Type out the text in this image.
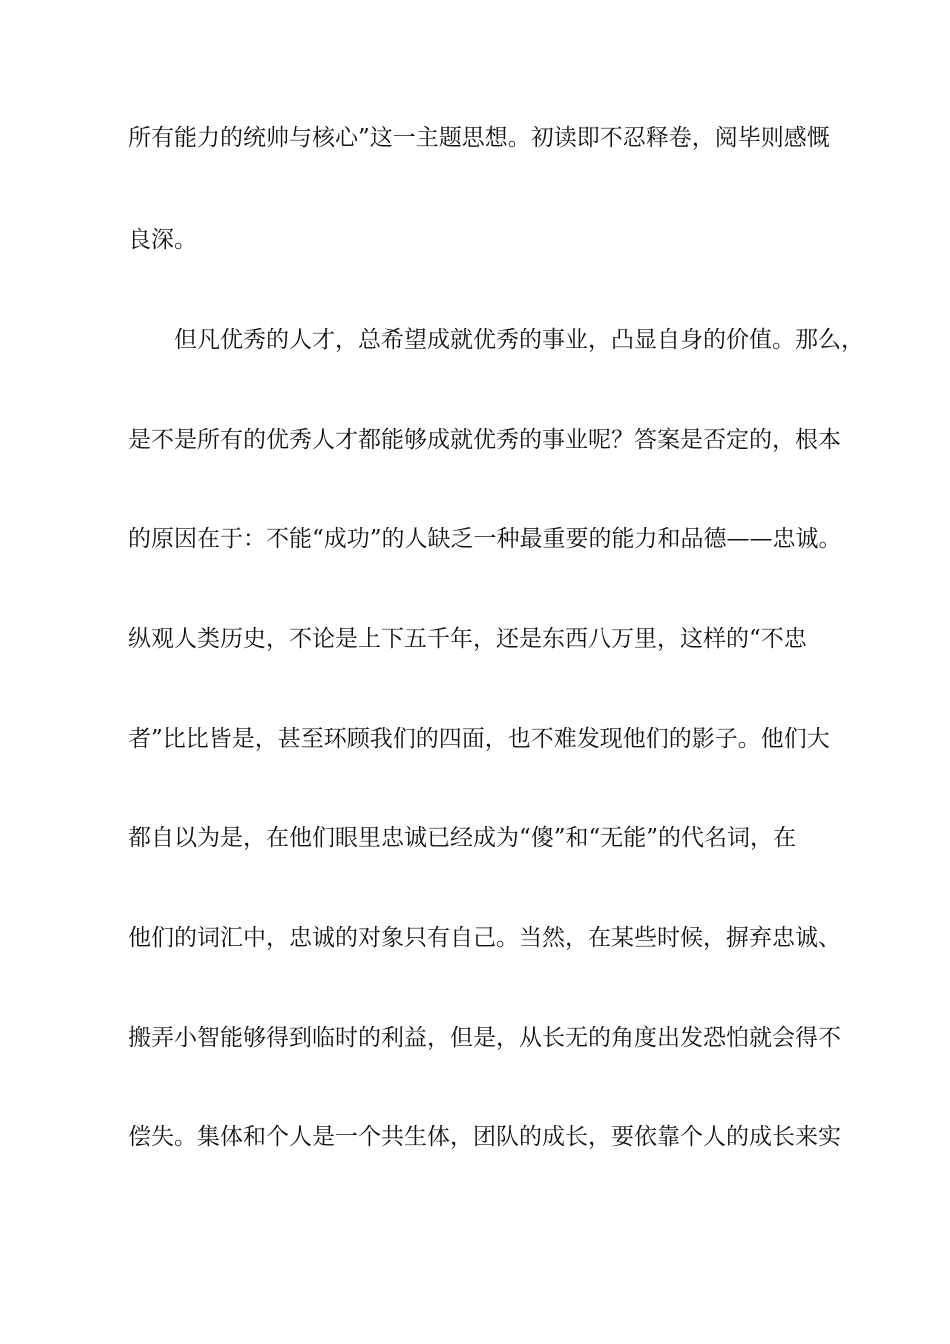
所有能力的统帅与核心”这一主题思想。初读即不忍释卷，阅毕则感慨
良深。
　　但凡优秀的人才，总希望成就优秀的事业，凸显自身的价值。那么，
是不是所有的优秀人才都能够成就优秀的事业呢？答案是否定的，根本
的原因在于：不能“成功”的人缺乏一种最重要的能力和品德——忠诚。
纵观人类历史，不论是上下五千年，还是东西八万里，这样的“不忠
者”比比皆是，甚至环顾我们的四面，也不难发现他们的影子。他们大
都自以为是，在他们眼里忠诚已经成为“傻”和“无能”的代名词，在
他们的词汇中，忠诚的对象只有自己。当然，在某些时候，摒弃忠诚、
搬弄小智能够得到临时的利益，但是，从长无的角度出发恐怕就会得不
偿失。集体和个人是一个共生体，团队的成长，要依靠个人的成长来实
